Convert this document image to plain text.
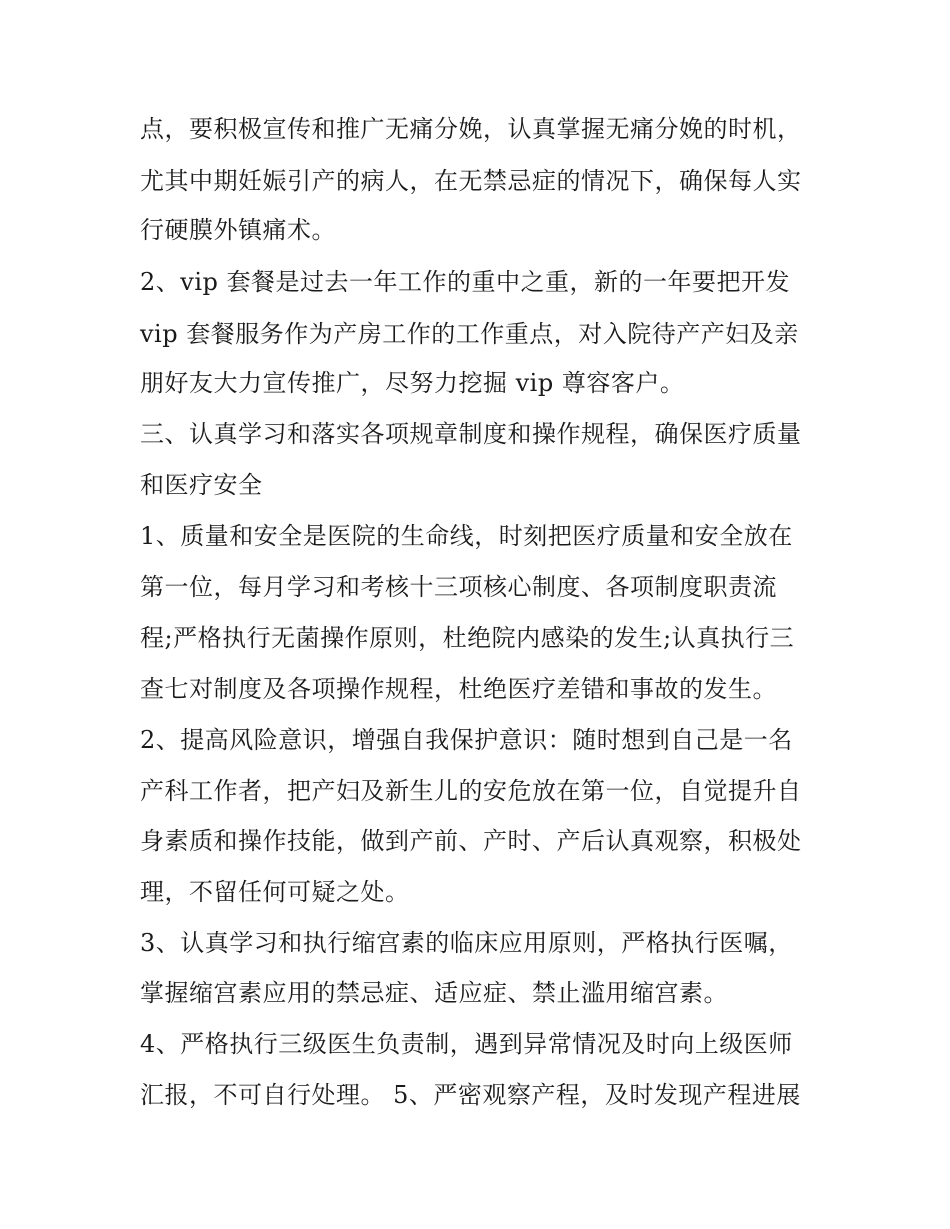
点，要积极宣传和推广无痛分娩，认真掌握无痛分娩的时机，
尤其中期妊娠引产的病人，在无禁忌症的情况下，确保每人实
行硬膜外镇痛术。
2、vip 套餐是过去一年工作的重中之重，新的一年要把开发
vip 套餐服务作为产房工作的工作重点，对入院待产产妇及亲
朋好友大力宣传推广，尽努力挖掘 vip 尊容客户。
三、认真学习和落实各项规章制度和操作规程，确保医疗质量
和医疗安全
1、质量和安全是医院的生命线，时刻把医疗质量和安全放在
第一位，每月学习和考核十三项核心制度、各项制度职责流
程;严格执行无菌操作原则，杜绝院内感染的发生;认真执行三
查七对制度及各项操作规程，杜绝医疗差错和事故的发生。
2、提高风险意识，增强自我保护意识：随时想到自己是一名
产科工作者，把产妇及新生儿的安危放在第一位，自觉提升自
身素质和操作技能，做到产前、产时、产后认真观察，积极处
理，不留任何可疑之处。
3、认真学习和执行缩宫素的临床应用原则，严格执行医嘱，
掌握缩宫素应用的禁忌症、适应症、禁止滥用缩宫素。
4、严格执行三级医生负责制，遇到异常情况及时向上级医师
汇报，不可自行处理。 5、严密观察产程，及时发现产程进展
